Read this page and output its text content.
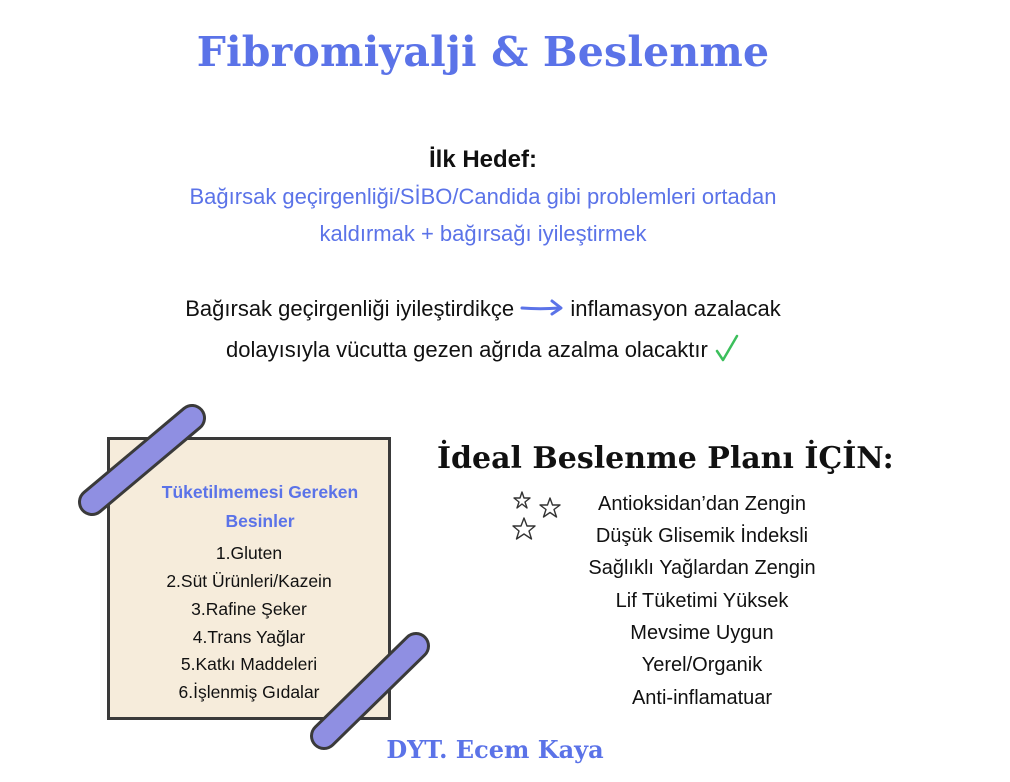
Fibromiyalji & Beslenme
İlk Hedef:
Bağırsak geçirgenliği/SİBO/Candida gibi problemleri ortadan
kaldırmak + bağırsağı iyileştirmek
Bağırsak geçirgenliği iyileştirdikçe	inflamasyon azalacak
dolayısıyla vücutta gezen ağrıda azalma olacaktır
Tüketilmemesi Gereken
Besinler
1.Gluten
2.Süt Ürünleri/Kazein
3.Rafine Şeker
4.Trans Yağlar
5.Katkı Maddeleri
6.İşlenmiş Gıdalar
İdeal Beslenme Planı İÇİN:
Antioksidan’dan Zengin
Düşük Glisemik İndeksli
Sağlıklı Yağlardan Zengin
Lif Tüketimi Yüksek
Mevsime Uygun
Yerel/Organik
Anti-inflamatuar
DYT. Ecem Kaya
